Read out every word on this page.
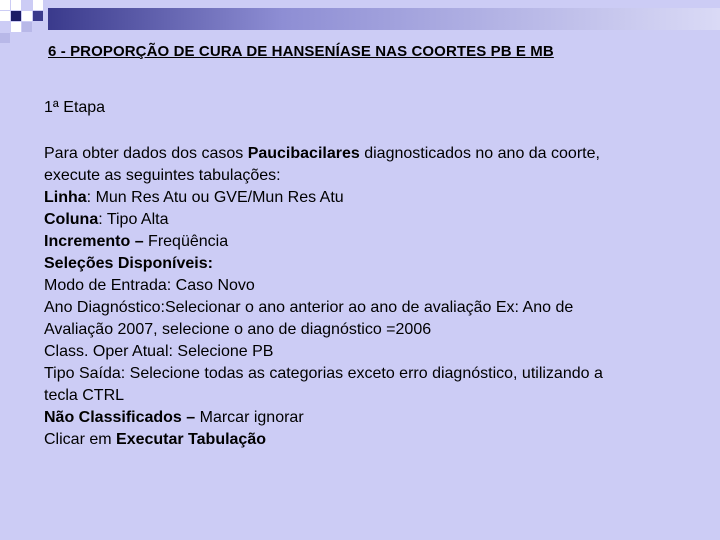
6 - PROPORÇÃO DE CURA DE HANSENÍASE NAS COORTES PB E MB
1ª Etapa
Para obter dados dos casos Paucibacilares diagnosticados no ano da coorte,
execute as seguintes tabulações:
Linha: Mun Res Atu ou GVE/Mun Res Atu
Coluna: Tipo Alta
Incremento – Freqüência
Seleções Disponíveis:
Modo de Entrada: Caso Novo
Ano Diagnóstico:Selecionar o ano anterior ao ano de avaliação Ex: Ano de
Avaliação 2007, selecione o ano de diagnóstico =2006
Class. Oper Atual: Selecione PB
Tipo Saída: Selecione todas as categorias exceto erro diagnóstico, utilizando a
tecla CTRL
Não Classificados – Marcar ignorar
Clicar em Executar Tabulação
